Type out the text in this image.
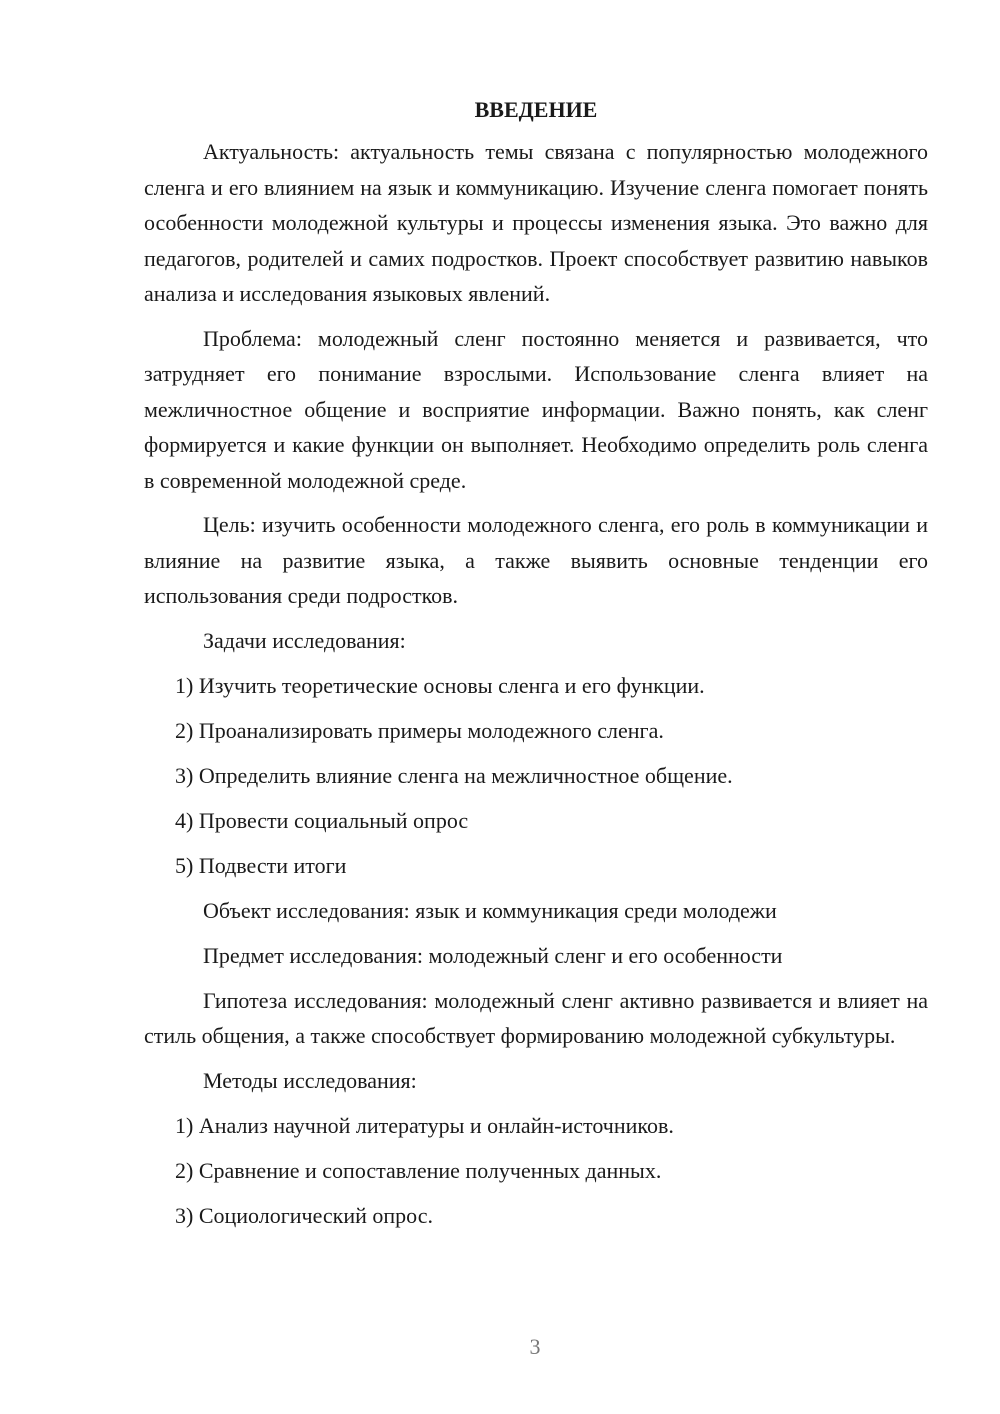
ВВЕДЕНИЕ

Актуальность: актуальность темы связана с популярностью молодежного сленга и его влиянием на язык и коммуникацию. Изучение сленга помогает понять особенности молодежной культуры и процессы изменения языка. Это важно для педагогов, родителей и самих подростков. Проект способствует развитию навыков анализа и исследования языковых явлений.

Проблема: молодежный сленг постоянно меняется и развивается, что затрудняет его понимание взрослыми. Использование сленга влияет на межличностное общение и восприятие информации. Важно понять, как сленг формируется и какие функции он выполняет. Необходимо определить роль сленга в современной молодежной среде.

Цель: изучить особенности молодежного сленга, его роль в коммуникации и влияние на развитие языка, а также выявить основные тенденции его использования среди подростков.

Задачи исследования:
1) Изучить теоретические основы сленга и его функции.
2) Проанализировать примеры молодежного сленга.
3) Определить влияние сленга на межличностное общение.
4) Провести социальный опрос
5) Подвести итоги
Объект исследования: язык и коммуникация среди молодежи
Предмет исследования: молодежный сленг и его особенности

Гипотеза исследования: молодежный сленг активно развивается и влияет на стиль общения, а также способствует формированию молодежной субкультуры.

Методы исследования:
1) Анализ научной литературы и онлайн-источников.
2) Сравнение и сопоставление полученных данных.
3) Социологический опрос.
3
